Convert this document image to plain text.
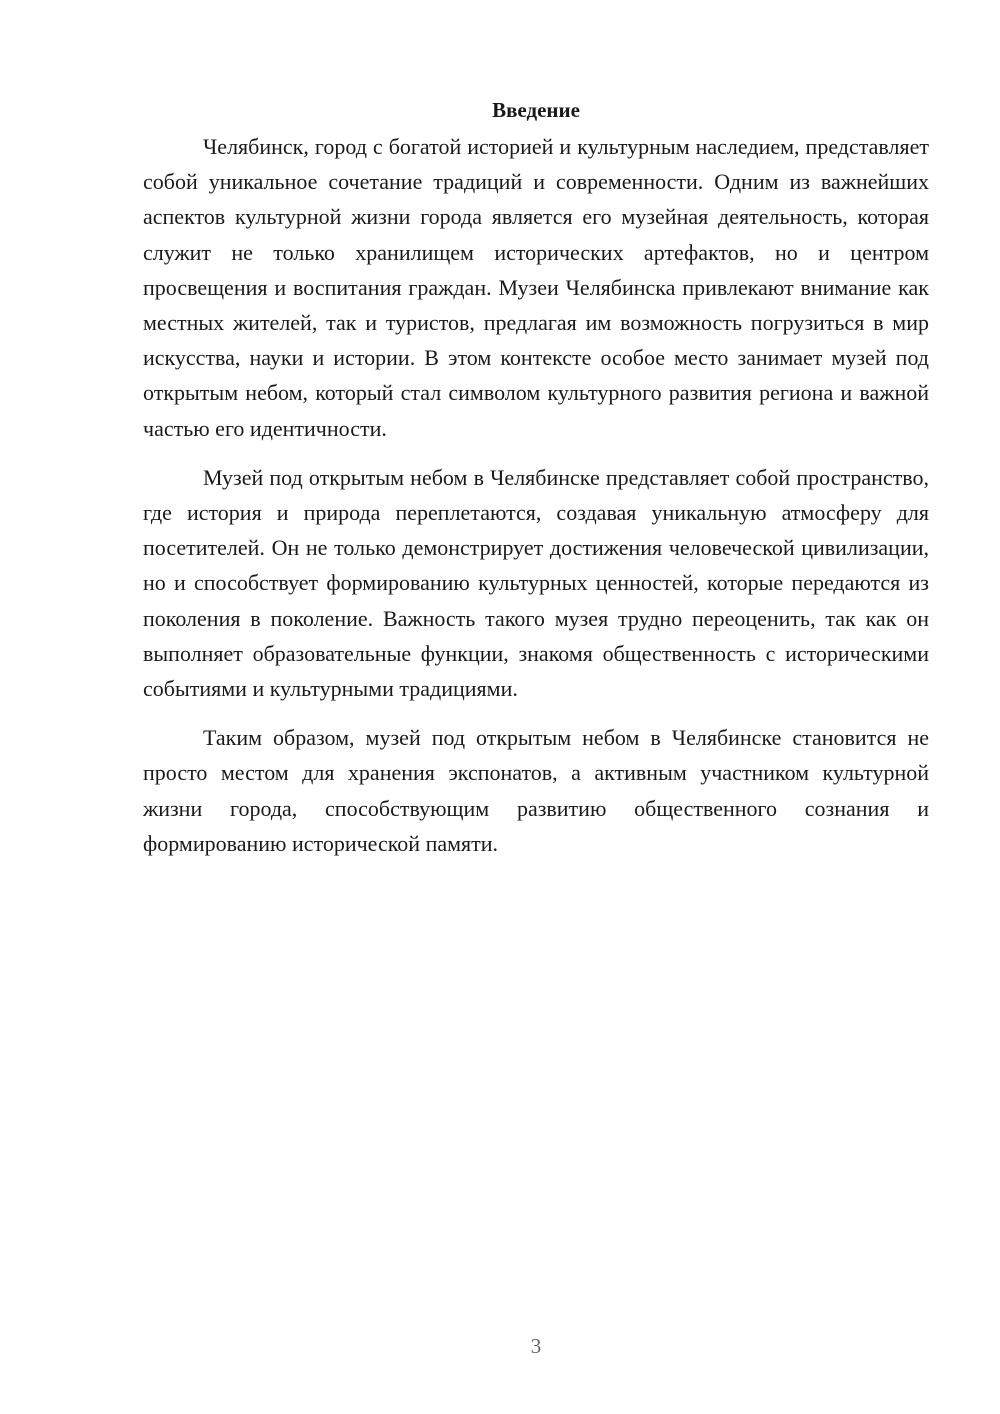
Введение

Челябинск, город с богатой историей и культурным наследием, представляет собой уникальное сочетание традиций и современности. Одним из важнейших аспектов культурной жизни города является его музейная деятельность, которая служит не только хранилищем исторических артефактов, но и центром просвещения и воспитания граждан. Музеи Челябинска привлекают внимание как местных жителей, так и туристов, предлагая им возможность погрузиться в мир искусства, науки и истории. В этом контексте особое место занимает музей под открытым небом, который стал символом культурного развития региона и важной частью его идентичности.

Музей под открытым небом в Челябинске представляет собой пространство, где история и природа переплетаются, создавая уникальную атмосферу для посетителей. Он не только демонстрирует достижения человеческой цивилизации, но и способствует формированию культурных ценностей, которые передаются из поколения в поколение. Важность такого музея трудно переоценить, так как он выполняет образовательные функции, знакомя общественность с историческими событиями и культурными традициями.

Таким образом, музей под открытым небом в Челябинске становится не просто местом для хранения экспонатов, а активным участником культурной жизни города, способствующим развитию общественного сознания и формированию исторической памяти.

3
